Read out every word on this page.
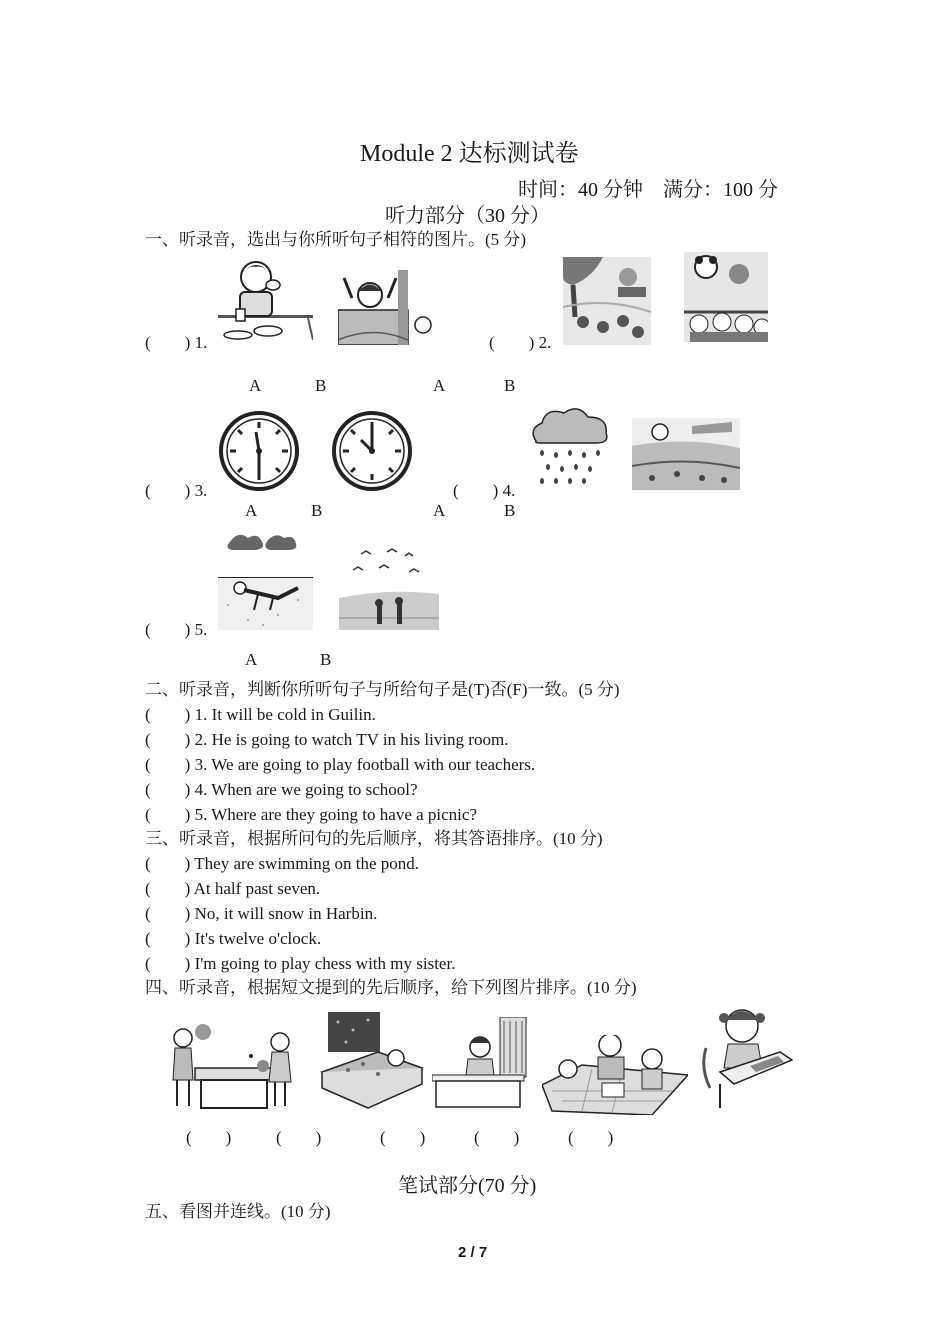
Module 2 达标测试卷
时间：40 分钟　满分：100 分
听力部分（30 分）
一、听录音，选出与你所听句子相符的图片。(5 分)
(　　) 1.	(　　) 2.
A	B	A	B
(　　) 3.	(　　) 4.
A	B	A	B
(　　) 5.
A	B
二、听录音，判断你所听句子与所给句子是(T)否(F)一致。(5 分)
(　　) 1. It will be cold in Guilin.
(　　) 2. He is going to watch TV in his living room.
(　　) 3. We are going to play football with our teachers.
(　　) 4. When are we going to school?
(　　) 5. Where are they going to have a picnic?
三、听录音，根据所问句的先后顺序，将其答语排序。(10 分)
(　　) They are swimming on the pond.
(　　) At half past seven.
(　　) No, it will snow in Harbin.
(　　) It's twelve o'clock.
(　　) I'm going to play chess with my sister.
四、听录音，根据短文提到的先后顺序，给下列图片排序。(10 分)
(　　)	(　　)	(　　)	(　　)	(　　)
笔试部分(70 分)
五、看图并连线。(10 分)
2 / 7
